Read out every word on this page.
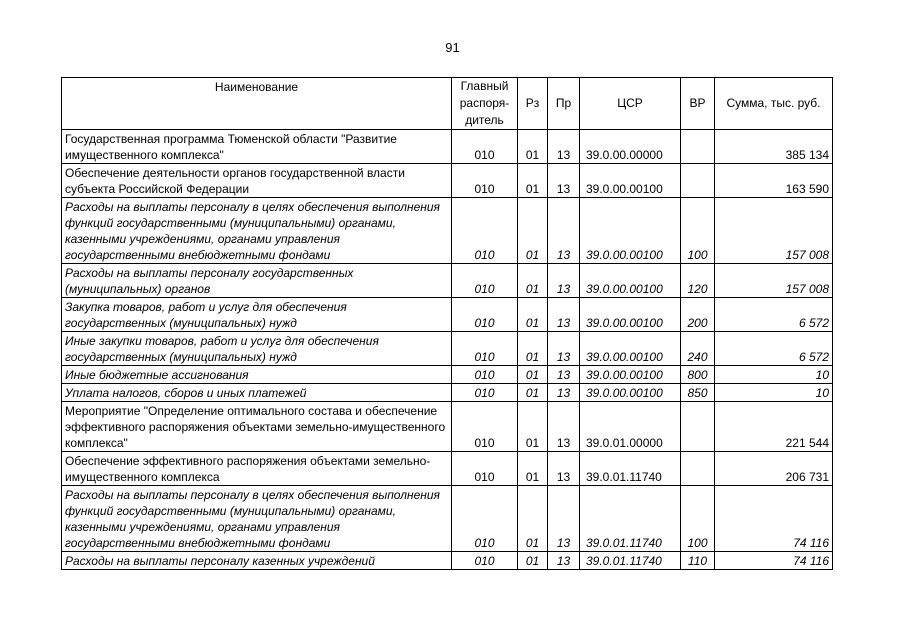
91
Наименование	Главный распоря-дитель	Рз	Пр	ЦСР	ВР	Сумма, тыс. руб.
Государственная программа Тюменской области "Развитие имущественного комплекса"	010	01	13	39.0.00.00000		385 134
Обеспечение деятельности органов государственной власти субъекта Российской Федерации	010	01	13	39.0.00.00100		163 590
Расходы на выплаты персоналу в целях обеспечения выполнения функций государственными (муниципальными) органами, казенными учреждениями, органами управления государственными внебюджетными фондами	010	01	13	39.0.00.00100	100	157 008
Расходы на выплаты персоналу государственных (муниципальных) органов	010	01	13	39.0.00.00100	120	157 008
Закупка товаров, работ и услуг для обеспечения государственных (муниципальных) нужд	010	01	13	39.0.00.00100	200	6 572
Иные закупки товаров, работ и услуг для обеспечения государственных (муниципальных) нужд	010	01	13	39.0.00.00100	240	6 572
Иные бюджетные ассигнования	010	01	13	39.0.00.00100	800	10
Уплата налогов, сборов и иных платежей	010	01	13	39.0.00.00100	850	10
Мероприятие "Определение оптимального состава и обеспечение эффективного распоряжения объектами земельно-имущественного комплекса"	010	01	13	39.0.01.00000		221 544
Обеспечение эффективного распоряжения объектами земельно-имущественного комплекса	010	01	13	39.0.01.11740		206 731
Расходы на выплаты персоналу в целях обеспечения выполнения функций государственными (муниципальными) органами, казенными учреждениями, органами управления государственными внебюджетными фондами	010	01	13	39.0.01.11740	100	74 116
Расходы на выплаты персоналу казенных учреждений	010	01	13	39.0.01.11740	110	74 116
